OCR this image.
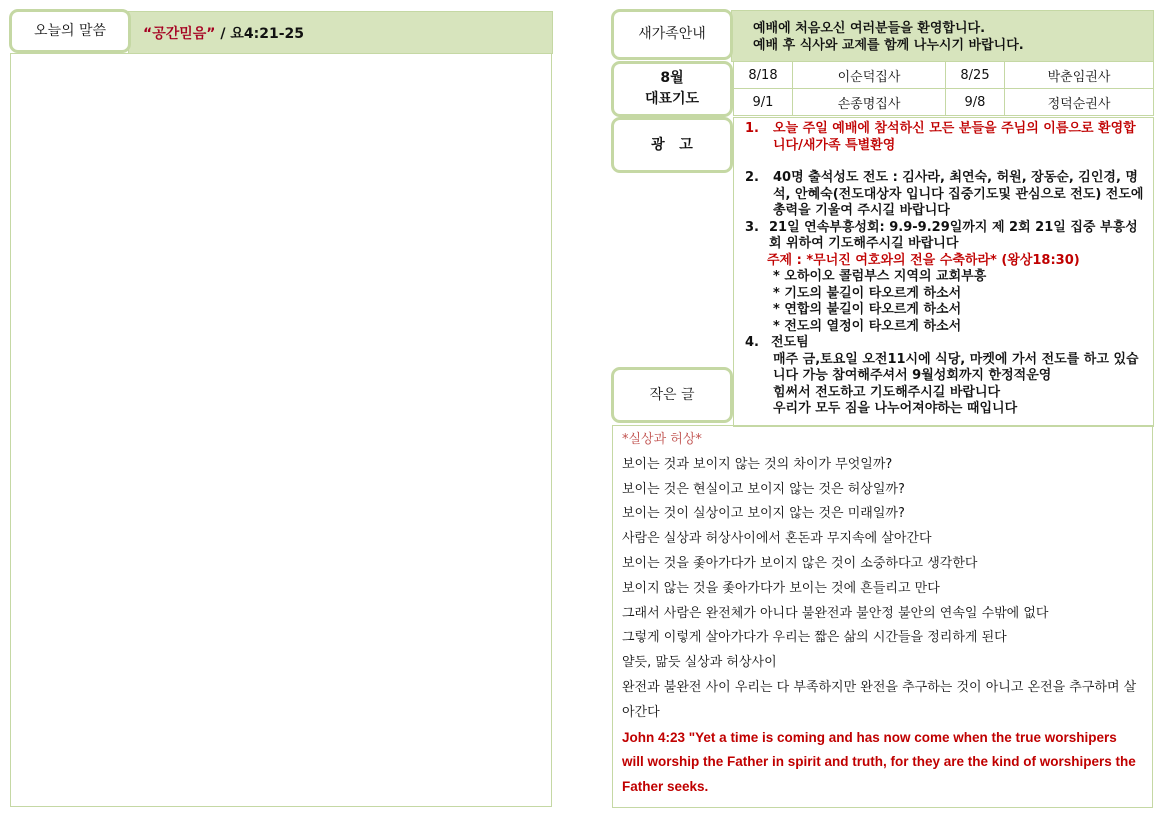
오늘의 말씀	“공간믿음” / 요4:21-25	새가족안내	예배에 처음오신 여러분들을 환영합니다.
예배 후 식사와 교제를 함께 나누시기 바랍니다.
8월
대표기도
8/18	이순덕집사	8/25	박춘임권사
9/1	손종명집사	9/8	정덕순권사
광   고
1.	오늘 주일 예배에 참석하신 모든 분들을 주님의 이름으로 환영합니다/새가족 특별환영
2.	40명 출석성도 전도 : 김사라, 최연숙, 허원, 장동순, 김인경, 명석, 안혜숙(전도대상자 입니다 집중기도및 관심으로 전도) 전도에 총력을 기울여 주시길 바랍니다
3. 21일 연속부흥성회: 9.9-9.29일까지 제 2회 21일 집중 부흥성회 위하여 기도해주시길 바랍니다
주제 : *무너진 여호와의 전을 수축하라* (왕상18:30)
* 오하이오 콜럼부스 지역의 교회부흥
* 기도의 불길이 타오르게 하소서
* 연합의 불길이 타오르게 하소서
* 전도의 열정이 타오르게 하소서
4. 전도팀
매주 금,토요일 오전11시에 식당, 마켓에 가서 전도를 하고 있습니다 가능 참여해주셔서 9월성회까지 한정적운영
힘써서 전도하고 기도해주시길 바랍니다
우리가 모두 짐을 나누어져야하는 때입니다
작은 글
*실상과 허상*
보이는 것과 보이지 않는 것의 차이가 무엇일까?
보이는 것은 현실이고 보이지 않는 것은 허상일까?
보이는 것이 실상이고 보이지 않는 것은 미래일까?
사람은 실상과 허상사이에서 혼돈과 무지속에 살아간다
보이는 것을 좇아가다가 보이지 않은 것이 소중하다고 생각한다
보이지 않는 것을 좇아가다가 보이는 것에 흔들리고 만다
그래서 사람은 완전체가 아니다 불완전과 불안정 불안의 연속일 수밖에 없다
그렇게 이렇게 살아가다가 우리는 짧은 삶의 시간들을 정리하게 된다
얄듯, 맒듯 실상과 허상사이
완전과 불완전 사이 우리는 다 부족하지만 완전을 추구하는 것이 아니고 온전을 추구하며 살아간다
John 4:23 "Yet a time is coming and has now come when the true worshipers will worship the Father in spirit and truth, for they are the kind of worshipers the Father seeks.
